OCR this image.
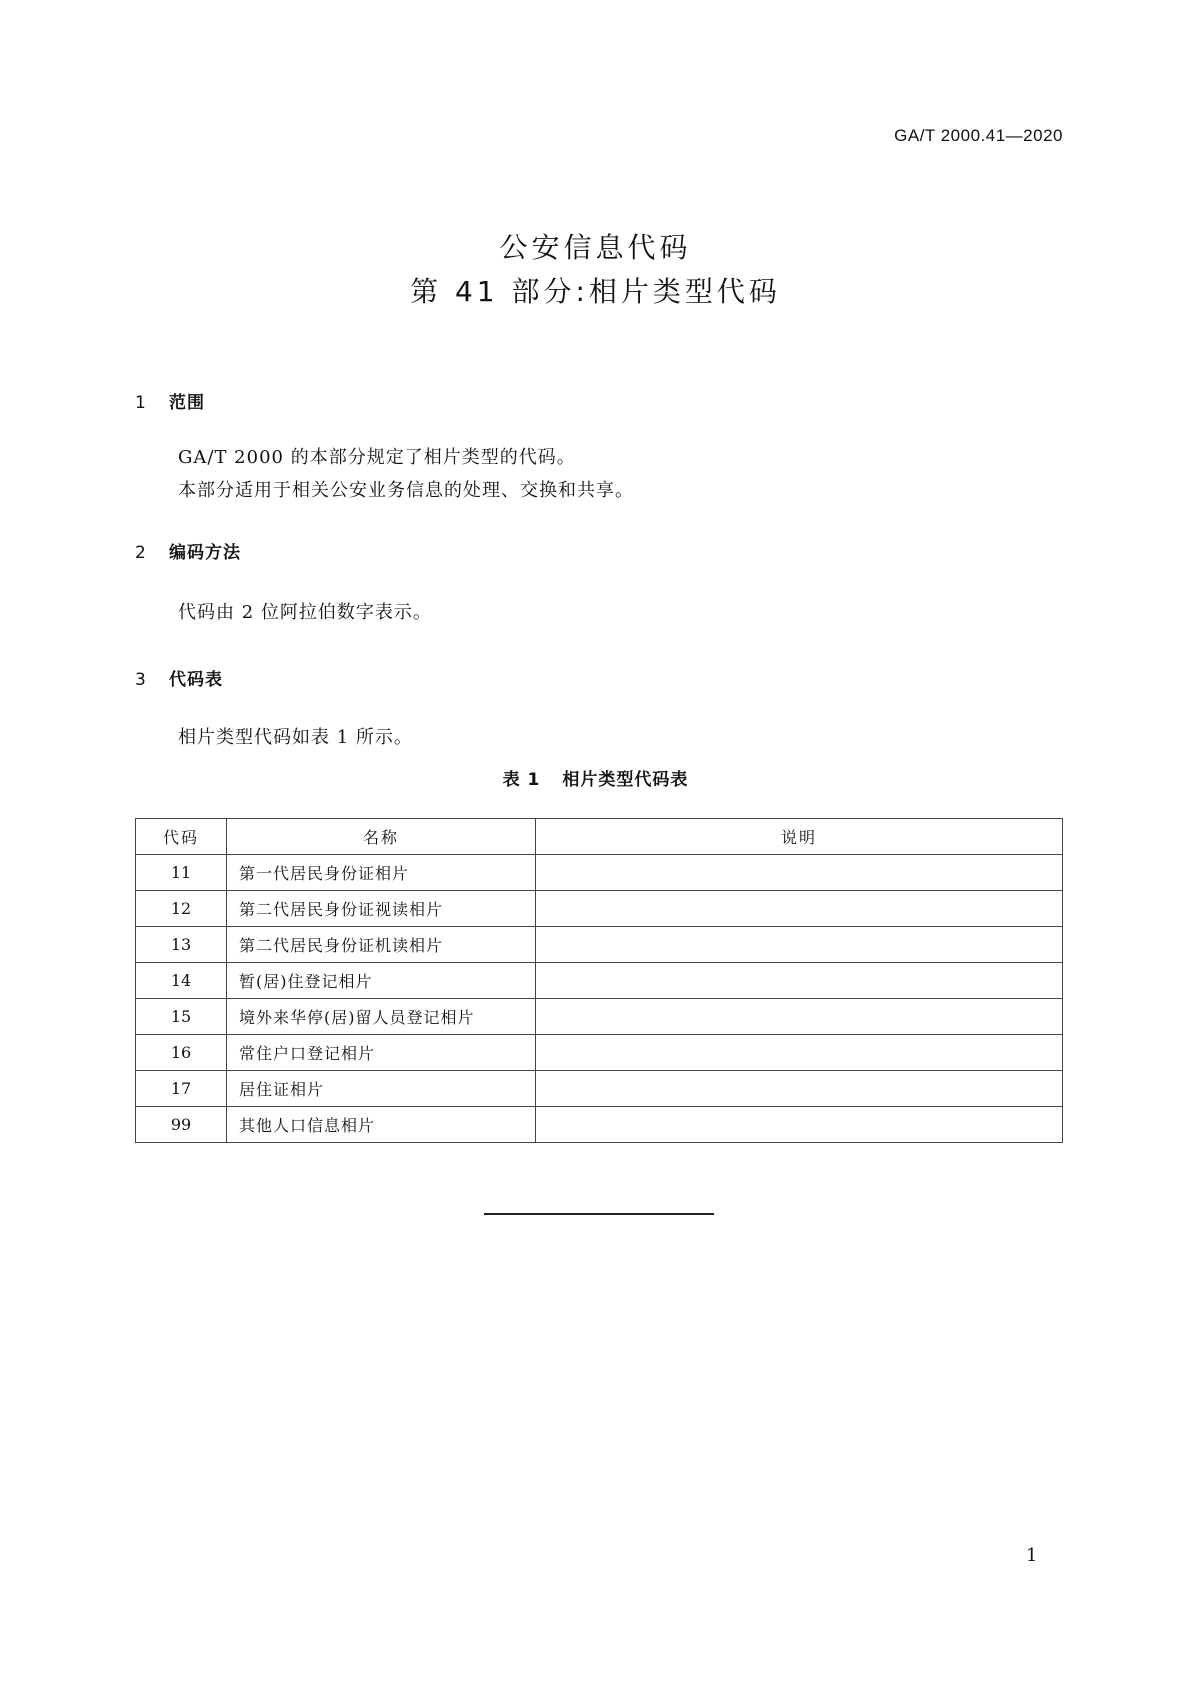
GA/T 2000.41—2020
公安信息代码
第 41 部分:相片类型代码
1 范围
GA/T 2000 的本部分规定了相片类型的代码。
本部分适用于相关公安业务信息的处理、交换和共享。
2 编码方法
代码由 2 位阿拉伯数字表示。
3 代码表
相片类型代码如表 1 所示。
表 1 相片类型代码表
代码	名称	说明
11	第一代居民身份证相片	
12	第二代居民身份证视读相片	
13	第二代居民身份证机读相片	
14	暂(居)住登记相片	
15	境外来华停(居)留人员登记相片	
16	常住户口登记相片	
17	居住证相片	
99	其他人口信息相片	
1
